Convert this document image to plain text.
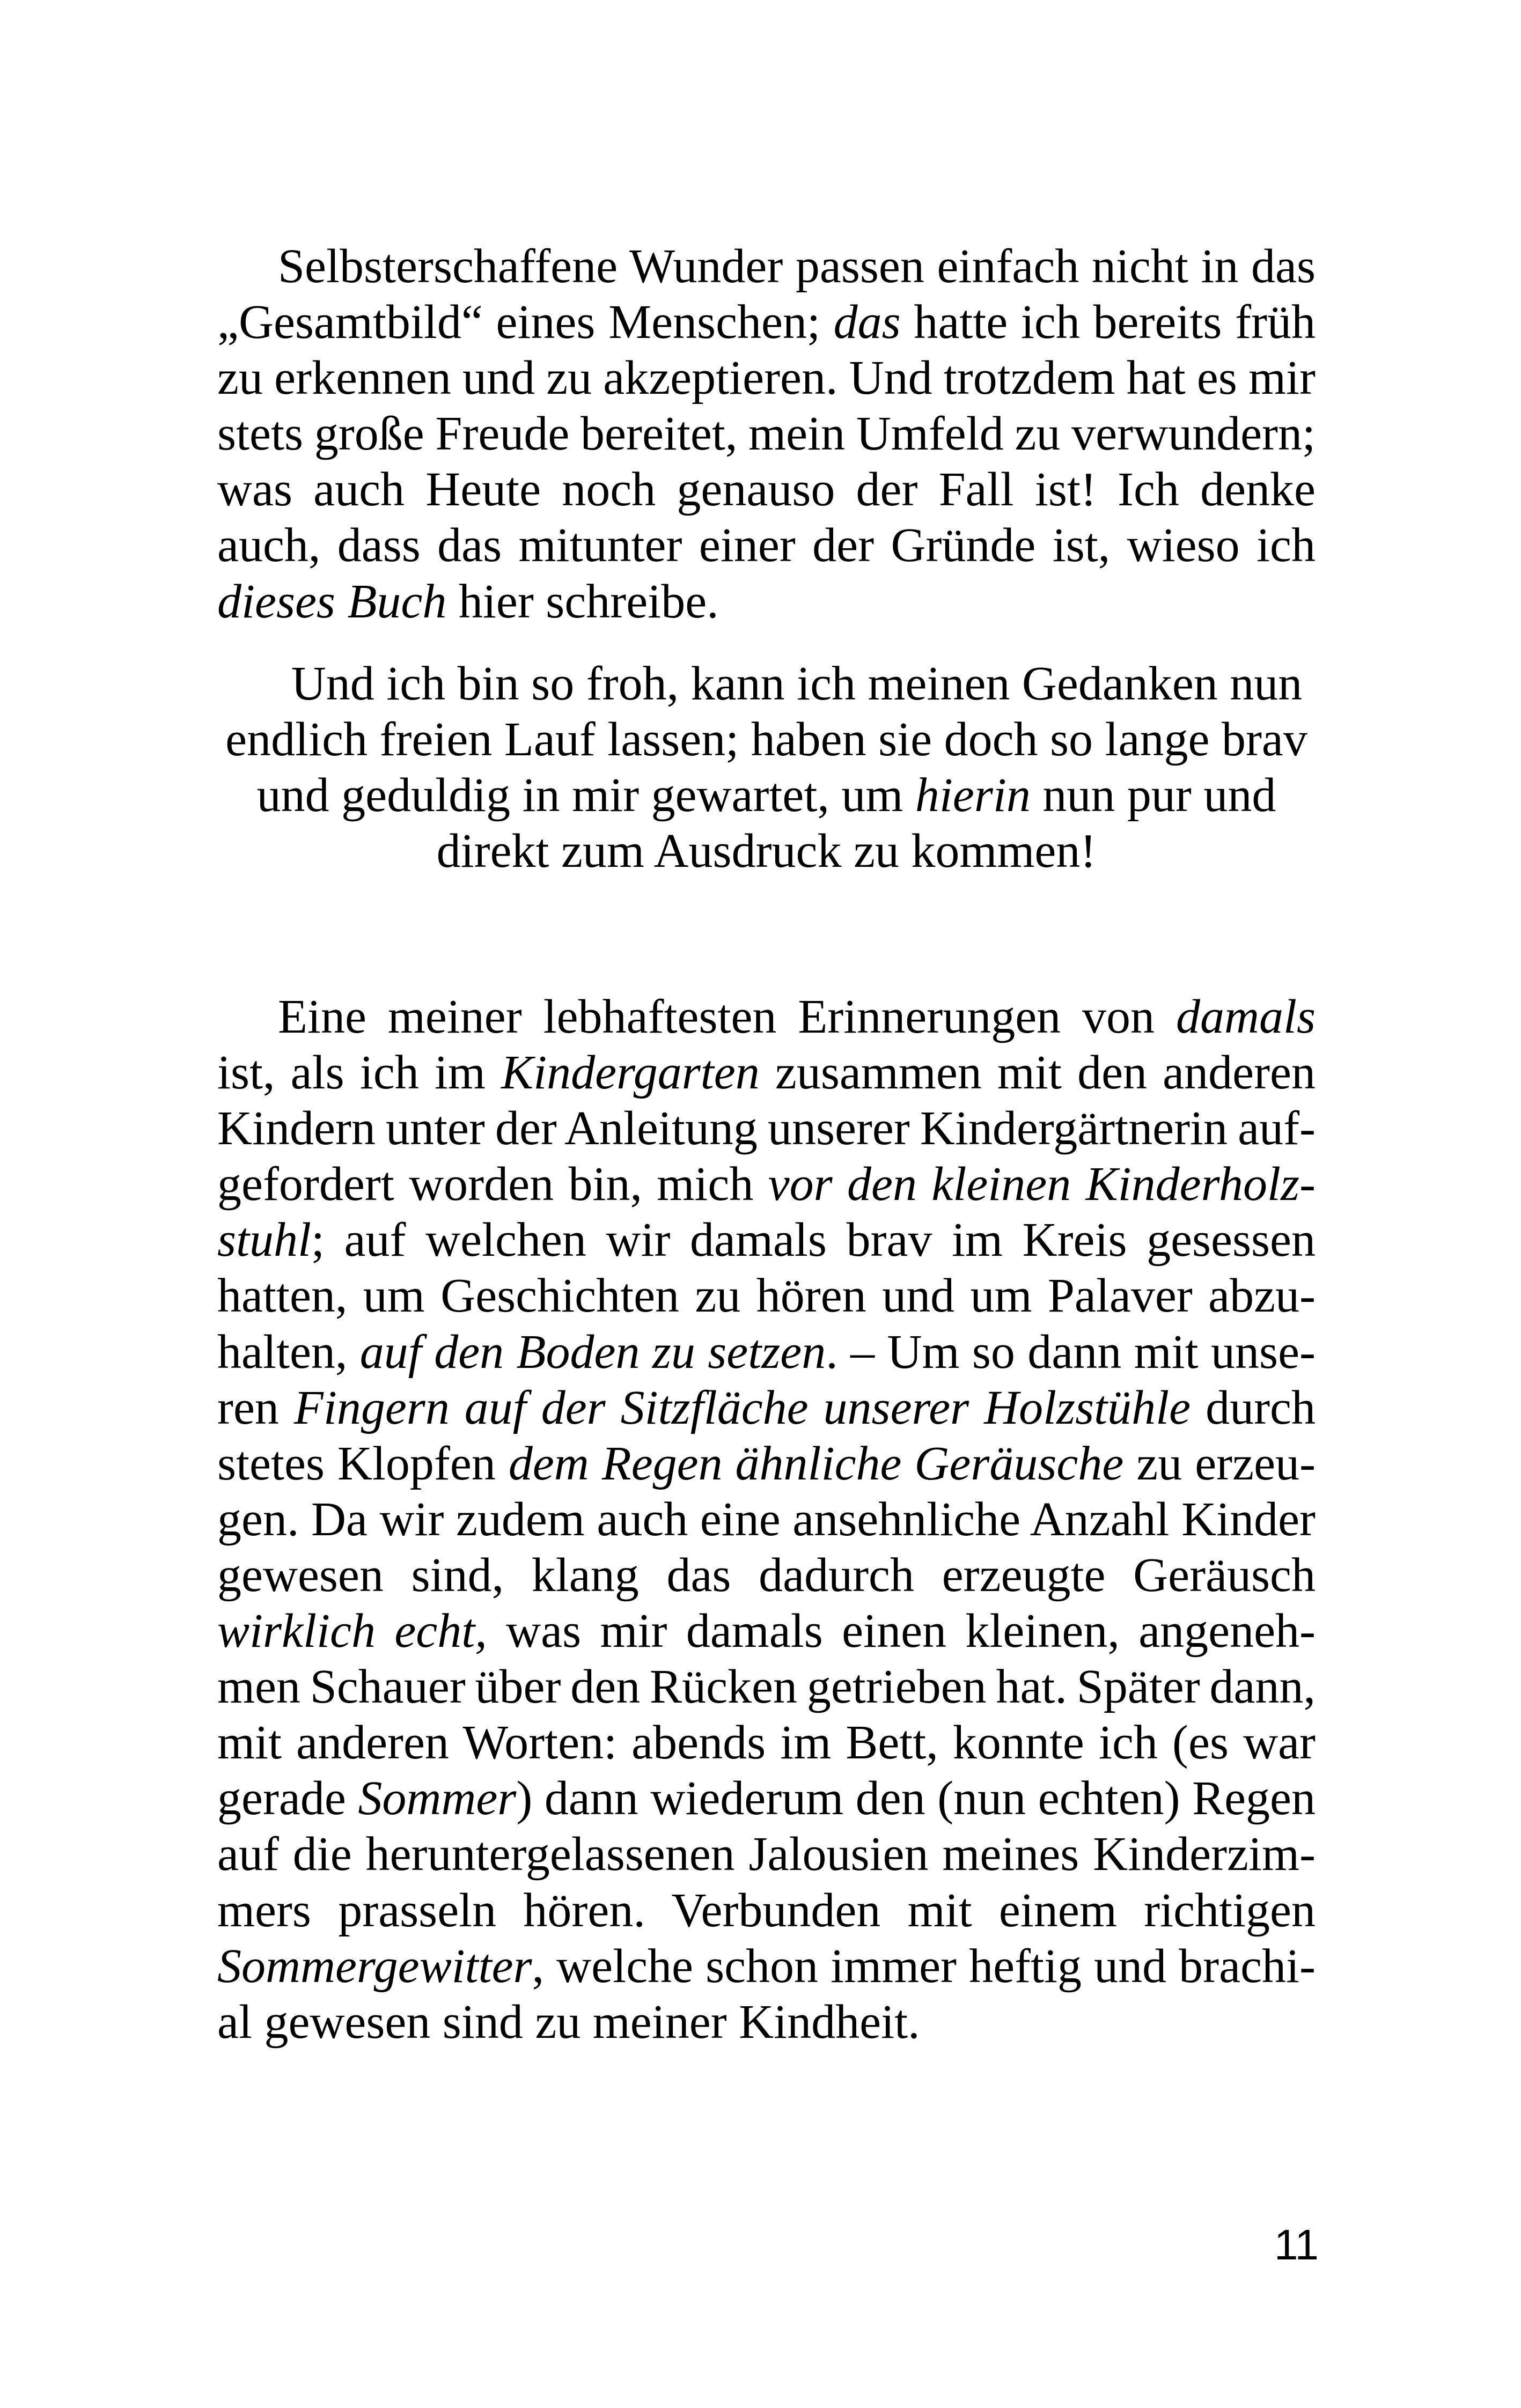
Selbsterschaffene Wunder passen einfach nicht in das
„Gesamtbild“ eines Menschen; das hatte ich bereits früh
zu erkennen und zu akzeptieren. Und trotzdem hat es mir
stets große Freude bereitet, mein Umfeld zu verwundern;
was auch Heute noch genauso der Fall ist! Ich denke
auch, dass das mitunter einer der Gründe ist, wieso ich
dieses Buch hier schreibe.
Und ich bin so froh, kann ich meinen Gedanken nun
endlich freien Lauf lassen; haben sie doch so lange brav
und geduldig in mir gewartet, um hierin nun pur und
direkt zum Ausdruck zu kommen!
Eine meiner lebhaftesten Erinnerungen von damals
ist, als ich im Kindergarten zusammen mit den anderen
Kindern unter der Anleitung unserer Kindergärtnerin auf-
gefordert worden bin, mich vor den kleinen Kinderholz-
stuhl; auf welchen wir damals brav im Kreis gesessen
hatten, um Geschichten zu hören und um Palaver abzu-
halten, auf den Boden zu setzen. – Um so dann mit unse-
ren Fingern auf der Sitzfläche unserer Holzstühle durch
stetes Klopfen dem Regen ähnliche Geräusche zu erzeu-
gen. Da wir zudem auch eine ansehnliche Anzahl Kinder
gewesen sind, klang das dadurch erzeugte Geräusch
wirklich echt, was mir damals einen kleinen, angeneh-
men Schauer über den Rücken getrieben hat. Später dann,
mit anderen Worten: abends im Bett, konnte ich (es war
gerade Sommer) dann wiederum den (nun echten) Regen
auf die heruntergelassenen Jalousien meines Kinderzim-
mers prasseln hören. Verbunden mit einem richtigen
Sommergewitter, welche schon immer heftig und brachi-
al gewesen sind zu meiner Kindheit.
11
